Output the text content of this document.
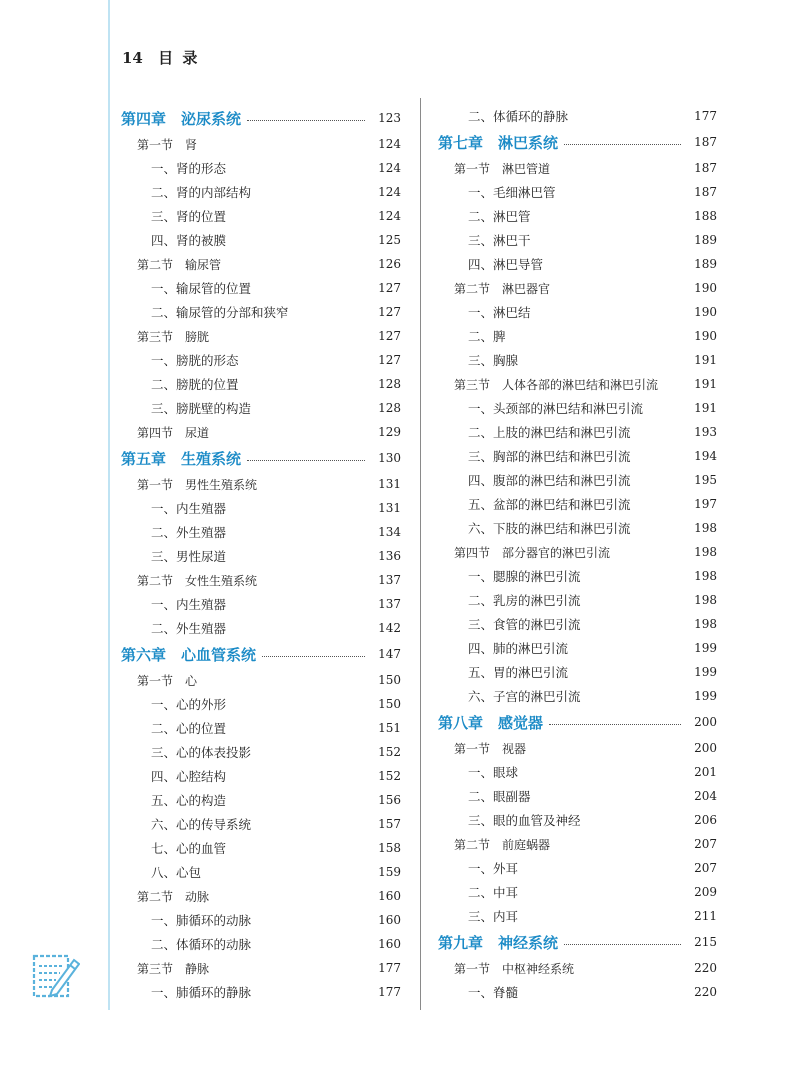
14 目 录
第四章　泌尿系统	123
第一节　肾	124
一、肾的形态	124
二、肾的内部结构	124
三、肾的位置	124
四、肾的被膜	125
第二节　输尿管	126
一、输尿管的位置	127
二、输尿管的分部和狭窄	127
第三节　膀胱	127
一、膀胱的形态	127
二、膀胱的位置	128
三、膀胱壁的构造	128
第四节　尿道	129
第五章　生殖系统	130
第一节　男性生殖系统	131
一、内生殖器	131
二、外生殖器	134
三、男性尿道	136
第二节　女性生殖系统	137
一、内生殖器	137
二、外生殖器	142
第六章　心血管系统	147
第一节　心	150
一、心的外形	150
二、心的位置	151
三、心的体表投影	152
四、心腔结构	152
五、心的构造	156
六、心的传导系统	157
七、心的血管	158
八、心包	159
第二节　动脉	160
一、肺循环的动脉	160
二、体循环的动脉	160
第三节　静脉	177
一、肺循环的静脉	177
二、体循环的静脉	177
第七章　淋巴系统	187
第一节　淋巴管道	187
一、毛细淋巴管	187
二、淋巴管	188
三、淋巴干	189
四、淋巴导管	189
第二节　淋巴器官	190
一、淋巴结	190
二、脾	190
三、胸腺	191
第三节　人体各部的淋巴结和淋巴引流	191
一、头颈部的淋巴结和淋巴引流	191
二、上肢的淋巴结和淋巴引流	193
三、胸部的淋巴结和淋巴引流	194
四、腹部的淋巴结和淋巴引流	195
五、盆部的淋巴结和淋巴引流	197
六、下肢的淋巴结和淋巴引流	198
第四节　部分器官的淋巴引流	198
一、腮腺的淋巴引流	198
二、乳房的淋巴引流	198
三、食管的淋巴引流	198
四、肺的淋巴引流	199
五、胃的淋巴引流	199
六、子宫的淋巴引流	199
第八章　感觉器	200
第一节　视器	200
一、眼球	201
二、眼副器	204
三、眼的血管及神经	206
第二节　前庭蜗器	207
一、外耳	207
二、中耳	209
三、内耳	211
第九章　神经系统	215
第一节　中枢神经系统	220
一、脊髓	220
